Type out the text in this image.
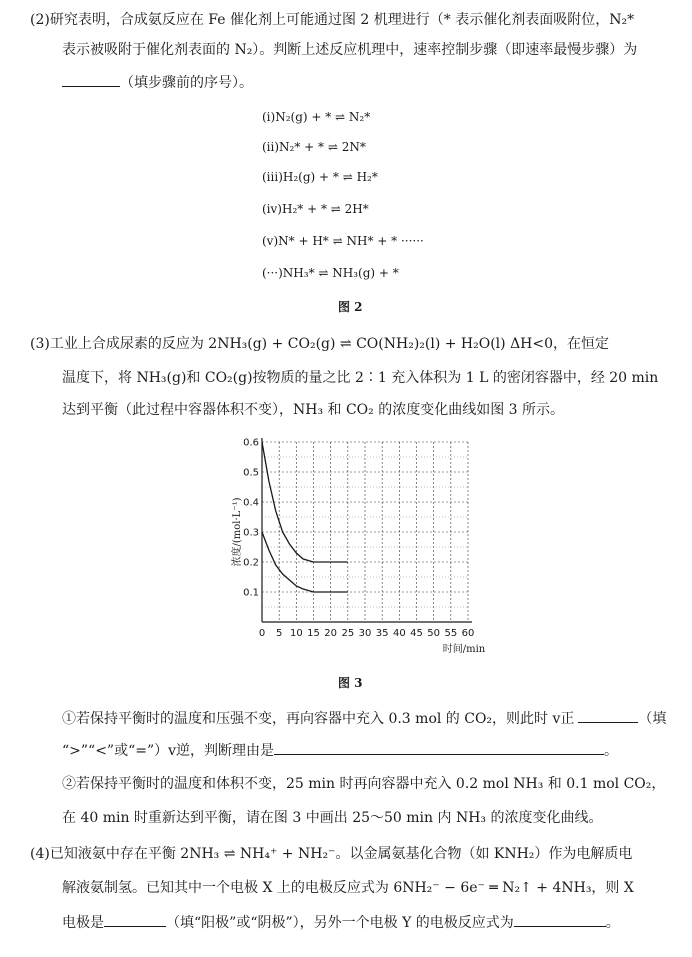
(2)研究表明，合成氨反应在 Fe 催化剂上可能通过图 2 机理进行（* 表示催化剂表面吸附位，N₂*
表示被吸附于催化剂表面的 N₂）。判断上述反应机理中，速率控制步骤（即速率最慢步骤）为
（填步骤前的序号）。
(i)N₂(g) + * ⇌ N₂*
(ii)N₂* + * ⇌ 2N*
(iii)H₂(g) + * ⇌ H₂*
(iv)H₂* + * ⇌ 2H*
(v)N* + H* ⇌ NH* + * ······
(···)NH₃* ⇌ NH₃(g) + *
图 2
(3)工业上合成尿素的反应为 2NH₃(g) + CO₂(g) ⇌ CO(NH₂)₂(l) + H₂O(l) ΔH<0，在恒定
温度下，将 NH₃(g)和 CO₂(g)按物质的量之比 2∶1 充入体积为 1 L 的密闭容器中，经 20 min
达到平衡（此过程中容器体积不变），NH₃ 和 CO₂ 的浓度变化曲线如图 3 所示。
0 5 10 15 20 25 30 35 40 45 50 55 60
0.1
0.2
0.3
0.4
0.5
0.6
浓度/(mol·L⁻¹)
时间/min
图 3
①若保持平衡时的温度和压强不变，再向容器中充入 0.3 mol 的 CO₂，则此时 v正	（填
“>”“<”或“=”）v逆，判断理由是	。
②若保持平衡时的温度和体积不变，25 min 时再向容器中充入 0.2 mol NH₃ 和 0.1 mol CO₂，
在 40 min 时重新达到平衡，请在图 3 中画出 25～50 min 内 NH₃ 的浓度变化曲线。
(4)已知液氨中存在平衡 2NH₃ ⇌ NH₄⁺ + NH₂⁻。以金属氨基化合物（如 KNH₂）作为电解质电
解液氨制氢。已知其中一个电极 X 上的电极反应式为 6NH₂⁻ − 6e⁻ ═ N₂↑ + 4NH₃，则 X
电极是	（填“阳极”或“阴极”），另外一个电极 Y 的电极反应式为	。
